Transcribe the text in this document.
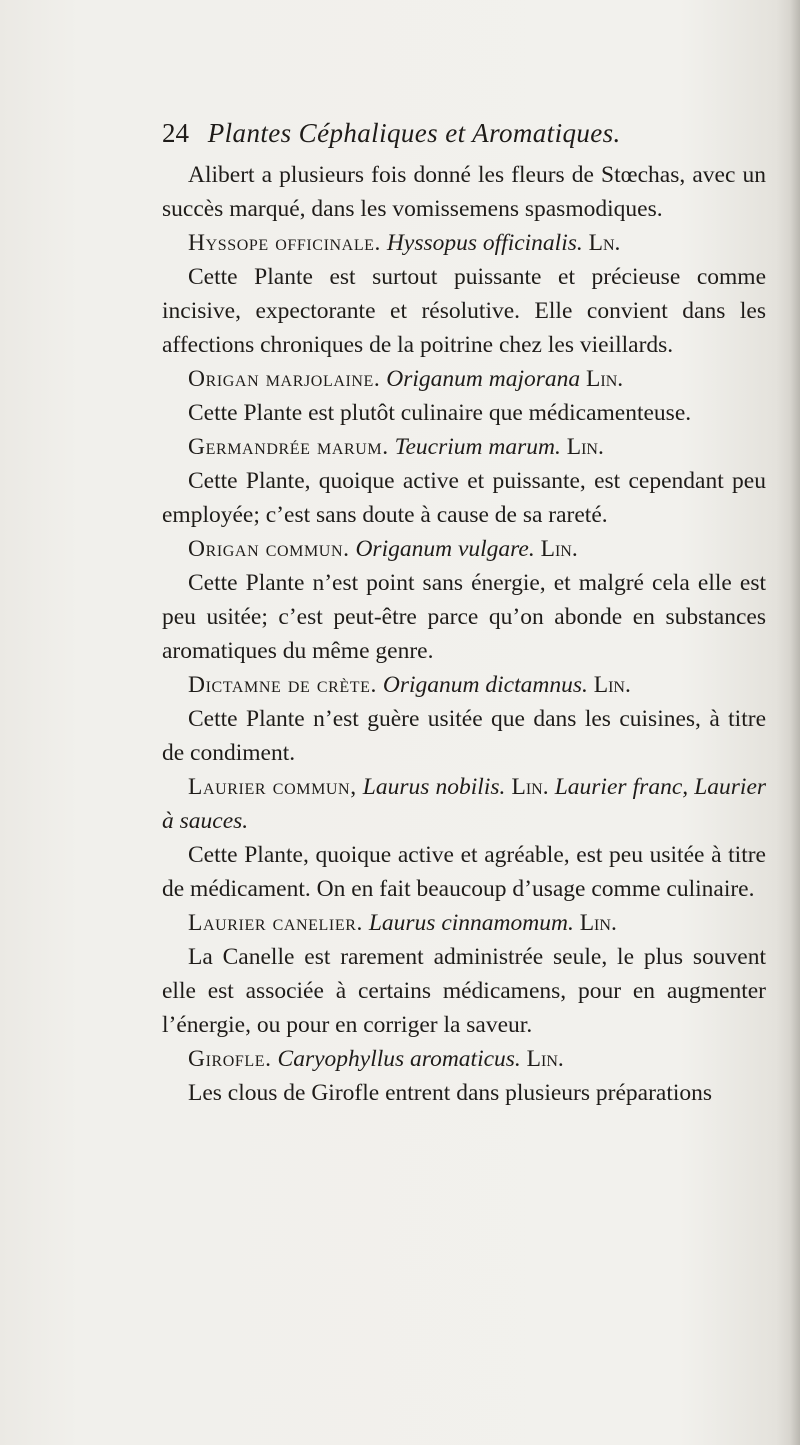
24 Plantes Céphaliques et Aromatiques.

Alibert a plusieurs fois donné les fleurs de Stœchas, avec un succès marqué, dans les vomissemens spasmodiques.

Hyssope officinale. Hyssopus officinalis. Ln.

Cette Plante est surtout puissante et précieuse comme incisive, expectorante et résolutive. Elle convient dans les affections chroniques de la poitrine chez les vieillards.

Origan marjolaine. Origanum majorana Lin.

Cette Plante est plutôt culinaire que médicamenteuse.

Germandrée marum. Teucrium marum. Lin.

Cette Plante, quoique active et puissante, est cependant peu employée; c’est sans doute à cause de sa rareté.

Origan commun. Origanum vulgare. Lin.

Cette Plante n’est point sans énergie, et malgré cela elle est peu usitée; c’est peut-être parce qu’on abonde en substances aromatiques du même genre.

Dictamne de crète. Origanum dictamnus. Lin.

Cette Plante n’est guère usitée que dans les cuisines, à titre de condiment.

Laurier commun, Laurus nobilis. Lin. Laurier franc, Laurier à sauces.

Cette Plante, quoique active et agréable, est peu usitée à titre de médicament. On en fait beaucoup d’usage comme culinaire.

Laurier canelier. Laurus cinnamomum. Lin.

La Canelle est rarement administrée seule, le plus souvent elle est associée à certains médicamens, pour en augmenter l’énergie, ou pour en corriger la saveur.

Girofle. Caryophyllus aromaticus. Lin.

Les clous de Girofle entrent dans plusieurs préparations
